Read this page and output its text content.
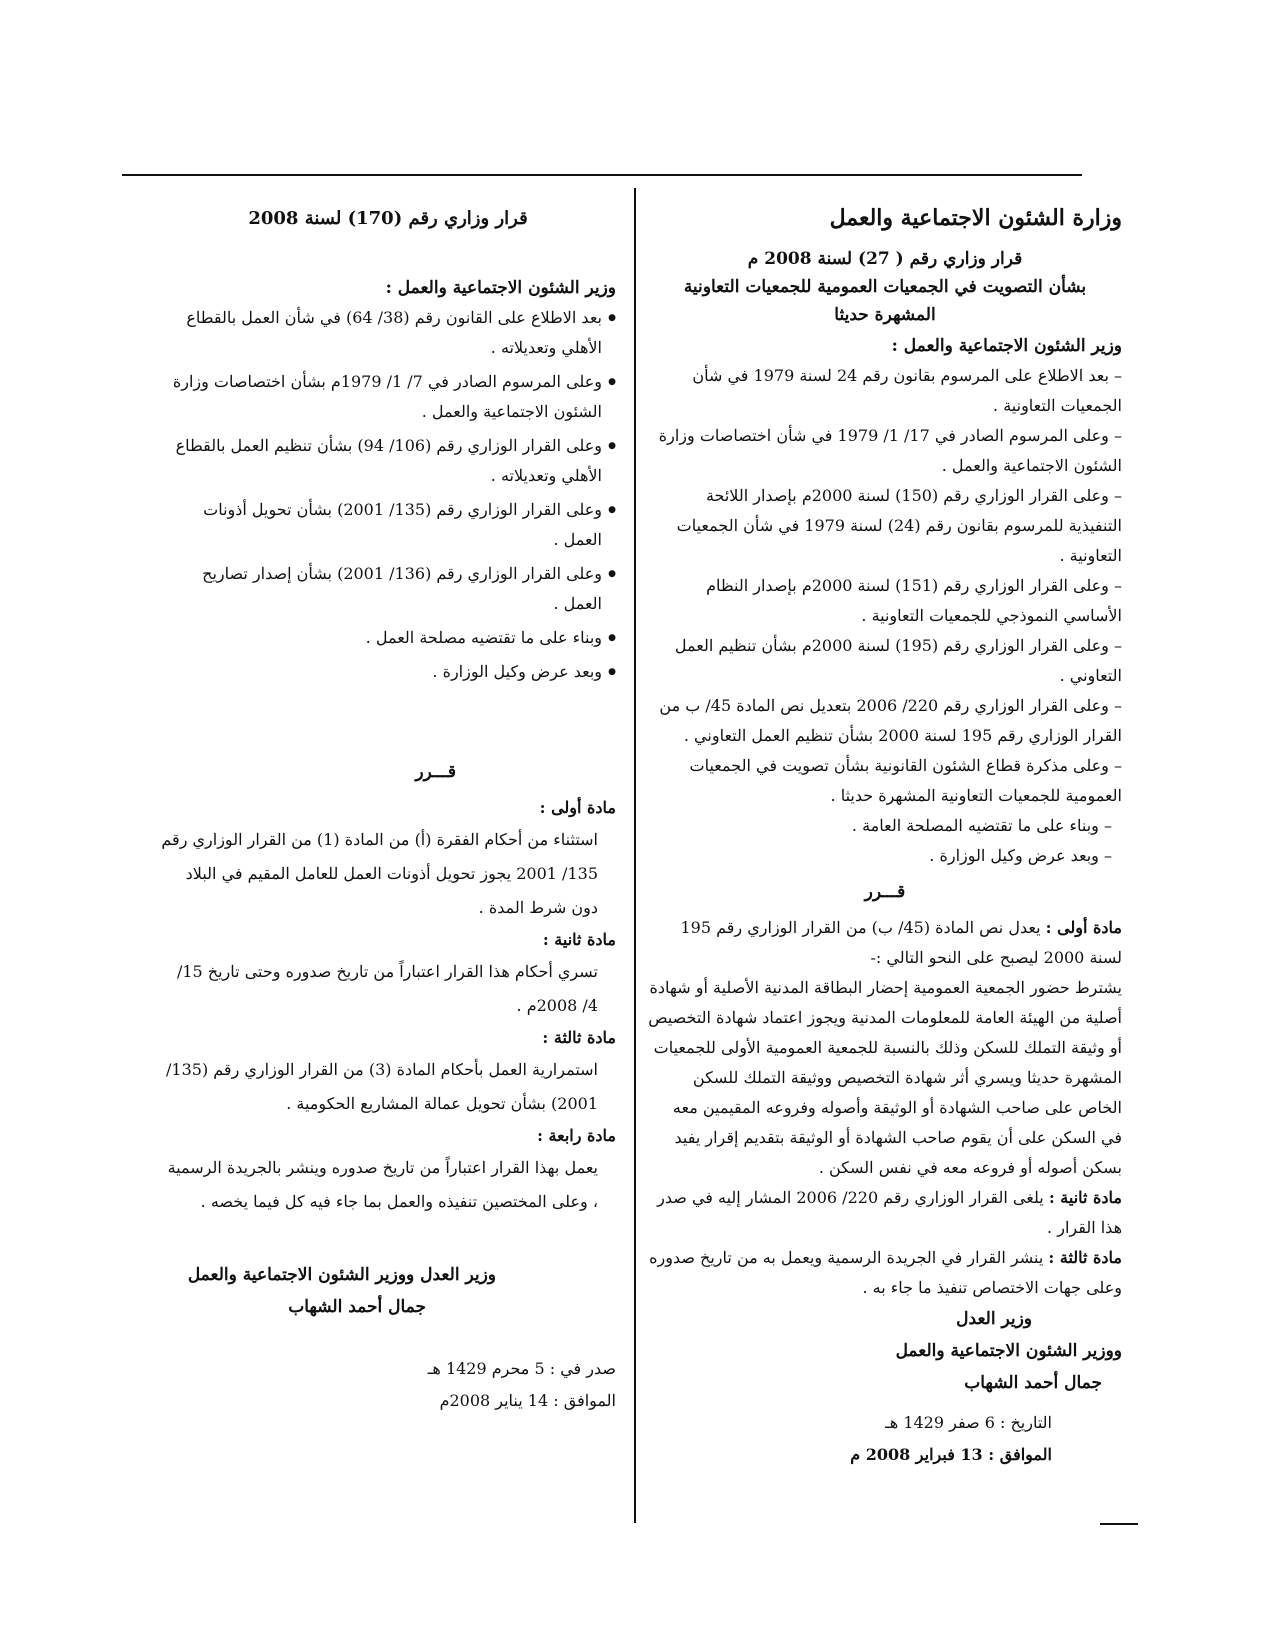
وزارة الشئون الاجتماعية والعمل
قرار وزاري رقم ( 27) لسنة 2008 م
بشأن التصويت في الجمعيات العمومية للجمعيات التعاونية
المشهرة حديثا
وزير الشئون الاجتماعية والعمل :

– بعد الاطلاع على المرسوم بقانون رقم 24 لسنة 1979 في شأن الجمعيات التعاونية .

– وعلى المرسوم الصادر في 17/ 1/ 1979 في شأن اختصاصات وزارة الشئون الاجتماعية والعمل .

– وعلى القرار الوزاري رقم (150) لسنة 2000م بإصدار اللائحة التنفيذية للمرسوم بقانون رقم (24) لسنة 1979 في شأن الجمعيات التعاونية .

– وعلى القرار الوزاري رقم (151) لسنة 2000م بإصدار النظام الأساسي النموذجي للجمعيات التعاونية .

– وعلى القرار الوزاري رقم (195) لسنة 2000م بشأن تنظيم العمل التعاوني .

– وعلى القرار الوزاري رقم 220/ 2006 بتعديل نص المادة 45/ ب من القرار الوزاري رقم 195 لسنة 2000 بشأن تنظيم العمل التعاوني .

– وعلى مذكرة قطاع الشئون القانونية بشأن تصويت في الجمعيات العمومية للجمعيات التعاونية المشهرة حديثا .

– وبناء على ما تقتضيه المصلحة العامة .

– وبعد عرض وكيل الوزارة .

قـــرر

مادة أولى : يعدل نص المادة (45/ ب) من القرار الوزاري رقم 195 لسنة 2000 ليصبح على النحو التالي :-

يشترط حضور الجمعية العمومية إحضار البطاقة المدنية الأصلية أو شهادة أصلية من الهيئة العامة للمعلومات المدنية ويجوز اعتماد شهادة التخصيص أو وثيقة التملك للسكن وذلك بالنسبة للجمعية العمومية الأولى للجمعيات المشهرة حديثا ويسري أثر شهادة التخصيص ووثيقة التملك للسكن الخاص على صاحب الشهادة أو الوثيقة وأصوله وفروعه المقيمين معه في السكن على أن يقوم صاحب الشهادة أو الوثيقة بتقديم إقرار يفيد بسكن أصوله أو فروعه معه في نفس السكن .

مادة ثانية : يلغى القرار الوزاري رقم 220/ 2006 المشار إليه في صدر هذا القرار .

مادة ثالثة : ينشر القرار في الجريدة الرسمية ويعمل به من تاريخ صدوره وعلى جهات الاختصاص تنفيذ ما جاء به .

وزير العدل
ووزير الشئون الاجتماعية والعمل
جمال أحمد الشهاب
التاريخ : 6 صفر 1429 هـ
الموافق : 13 فبراير 2008 م
قرار وزاري رقم (170) لسنة 2008
وزير الشئون الاجتماعية والعمل :
● بعد الاطلاع على القانون رقم (38/ 64) في شأن العمل بالقطاع الأهلي وتعديلاته .
● وعلى المرسوم الصادر في 7/ 1/ 1979م بشأن اختصاصات وزارة الشئون الاجتماعية والعمل .
● وعلى القرار الوزاري رقم (106/ 94) بشأن تنظيم العمل بالقطاع الأهلي وتعديلاته .
● وعلى القرار الوزاري رقم (135/ 2001) بشأن تحويل أذونات العمل .
● وعلى القرار الوزاري رقم (136/ 2001) بشأن إصدار تصاريح العمل .
● وبناء على ما تقتضيه مصلحة العمل .
● وبعد عرض وكيل الوزارة .
قـــرر

مادة أولى :

استثناء من أحكام الفقرة (أ) من المادة (1) من القرار الوزاري رقم 135/ 2001 يجوز تحويل أذونات العمل للعامل المقيم في البلاد دون شرط المدة .

مادة ثانية :

تسري أحكام هذا القرار اعتباراً من تاريخ صدوره وحتى تاريخ 15/ 4/ 2008م .

مادة ثالثة :

استمرارية العمل بأحكام المادة (3) من القرار الوزاري رقم (135/ 2001) بشأن تحويل عمالة المشاريع الحكومية .

مادة رابعة :

يعمل بهذا القرار اعتباراً من تاريخ صدوره وينشر بالجريدة الرسمية ، وعلى المختصين تنفيذه والعمل بما جاء فيه كل فيما يخصه .

وزير العدل ووزير الشئون الاجتماعية والعمل
جمال أحمد الشهاب
صدر في : 5 محرم 1429 هـ
الموافق : 14 يناير 2008م
